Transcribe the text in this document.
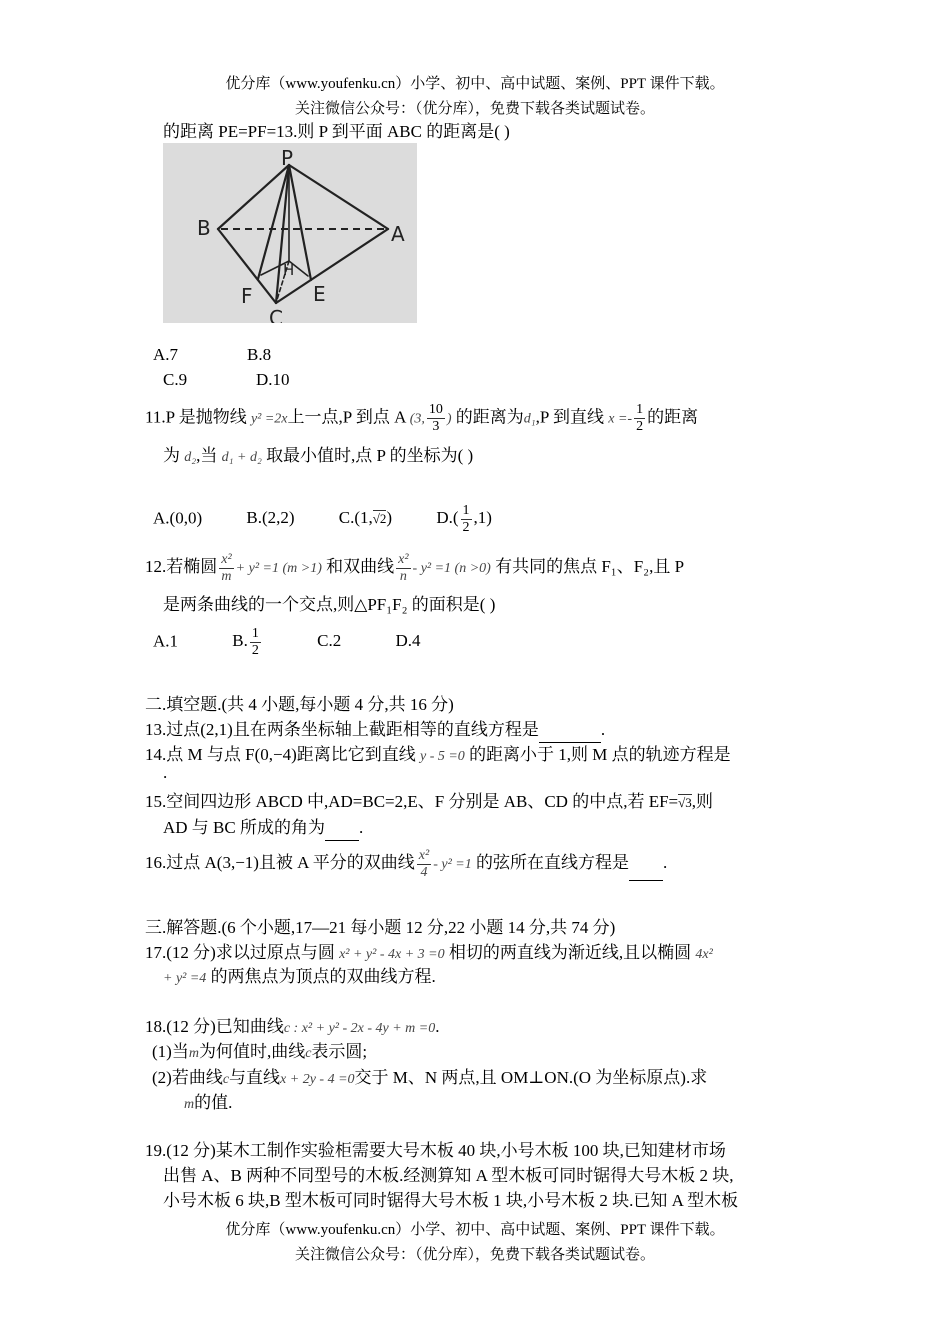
优分库（www.youfenku.cn）小学、初中、高中试题、案例、PPT 课件下载。
关注微信公众号：（优分库），免费下载各类试题试卷。
的距离 PE=PF=13.则 P 到平面 ABC 的距离是( )
P
B	A
H
F	E
C
A.7	B.8
C.9	D.10
11.P 是抛物线 y² =2x上一点,P 到点 A (3, $\frac{10}{3}$ ) 的距离为d₁,P 到直线 $x =- \frac{1}{2}$ 的距离
为 d₂,当 d₁ + d₂ 取最小值时,点 P 的坐标为( )
A.(0,0)	B.(2,2)	C.(1,√2)	$D.( \frac{1}{2} ,1)$
12.若椭圆 $\frac{\text{x²}}{m} + y^2 =1$ (m >1) 和双曲线 $\frac{\text{x²}}{n} - y^2 =1$ (n >0) 有共同的焦点 F₁、F₂,且 P
是两条曲线的一个交点,则△PF₁F₂ 的面积是( )
A.1	B. $\frac{1}{2}$	C.2	D.4
二.填空题.(共 4 小题,每小题 4 分,共 16 分)
13.过点(2,1)且在两条坐标轴上截距相等的直线方程是	.
14.点 M 与点 F(0,−4)距离比它到直线 y - 5 =0 的距离小于 1,则 M 点的轨迹方程是
.
15.空间四边形 ABCD 中,AD=BC=2,E、F 分别是 AB、CD 的中点,若 EF=√3,则
AD 与 BC 所成的角为 .
16.过点 A(3,−1)且被 A 平分的双曲线 $\frac{\text{x²}}{4} - y^2 =1$ 的弦所在直线方程是 .
三.解答题.(6 个小题,17—21 每小题 12 分,22 小题 14 分,共 74 分)
17.(12 分)求以过原点与圆 x² + y² - 4x + 3 =0 相切的两直线为渐近线,且以椭圆 4x²
+ y² =4 的两焦点为顶点的双曲线方程.
18.(12 分)已知曲线c : x² + y² - 2x - 4y + m =0.
(1)当m为何值时,曲线c表示圆;
(2)若曲线c与直线x + 2y - 4 =0交于 M、N 两点,且 OM⊥ON.(O 为坐标原点).求
m的值.
19.(12 分)某木工制作实验柜需要大号木板 40 块,小号木板 100 块,已知建材市场
出售 A、B 两种不同型号的木板.经测算知 A 型木板可同时锯得大号木板 2 块,
小号木板 6 块,B 型木板可同时锯得大号木板 1 块,小号木板 2 块.已知 A 型木板
优分库（www.youfenku.cn）小学、初中、高中试题、案例、PPT 课件下载。
关注微信公众号：（优分库），免费下载各类试题试卷。
